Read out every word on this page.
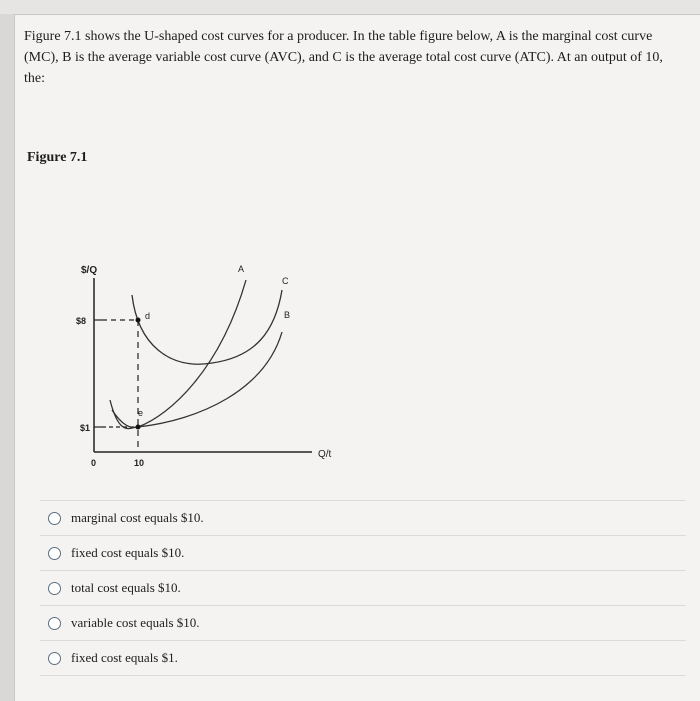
Figure 7.1 shows the U-shaped cost curves for a producer. In the table figure below, A is the marginal cost curve (MC), B is the average variable cost curve (AVC), and C is the average total cost curve (ATC). At an output of 10, the:
Figure 7.1
$/Q
Q/t
$8
$1
0	10
A
C
B
d
e
marginal cost equals $10.
fixed cost equals $10.
total cost equals $10.
variable cost equals $10.
fixed cost equals $1.
